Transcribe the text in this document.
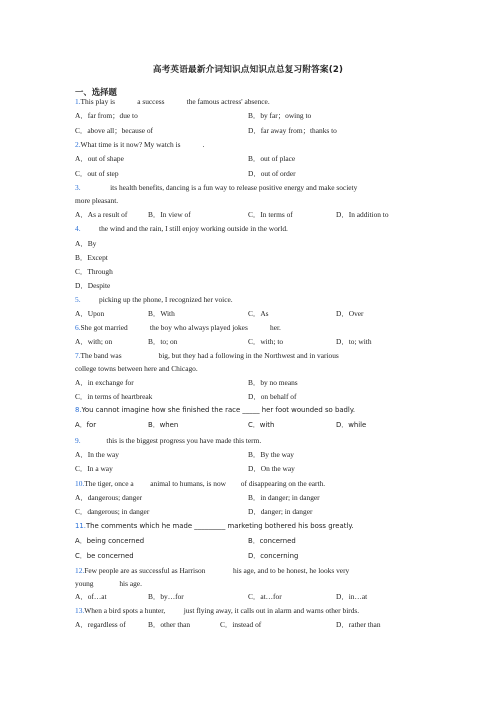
高考英语最新介词知识点知识点总复习附答案(2)
一、选择题
1.This play is            a success            the famous actress' absence.
A．far from；due to	B．by far；owing to
C．above all；because of	D．far away from；thanks to
2.What time is it now? My watch is            .
A．out of shape	B．out of place
C．out of step	D．out of order
3.                its health benefits, dancing is a fun way to release positive energy and make society
more pleasant.
A．As a result of	B．In view of	C．In terms of	D．In addition to
4.          the wind and the rain, I still enjoy working outside in the world.
A．By
B．Except
C．Through
D．Despite
5.          picking up the phone, I recognized her voice.
A．Upon	B．With	C．As	D．Over
6.She got married            the boy who always played jokes            her.
A．with; on	B．to; on	C．with; to	D．to; with
7.The band was                    big, but they had a following in the Northwest and in various
college towns between here and Chicago.
A．in exchange for	B．by no means
C．in terms of heartbreak	D．on behalf of
8.You cannot imagine how she finished the race _____ her foot wounded so badly.
A．for	B．when	C．with	D．while
9.              this is the biggest progress you have made this term.
A．In the way	B．By the way
C．In a way	D．On the way
10.The tiger, once a         animal to humans, is now        of disappearing on the earth.
A．dangerous; danger	B．in danger; in danger
C．dangerous; in danger	D．danger; in danger
11.The comments which he made _________ marketing bothered his boss greatly.
A．being concerned	B．concerned
C．be concerned	D．concerning
12.Few people are as successful as Harrison               his age, and to be honest, he looks very
young              his age.
A．of…at	B．by…for	C．at…for	D．in…at
13.When a bird spots a hunter,          just flying away, it calls out in alarm and warns other birds.
A．regardless of	B．other than	C．instead of	D．rather than
